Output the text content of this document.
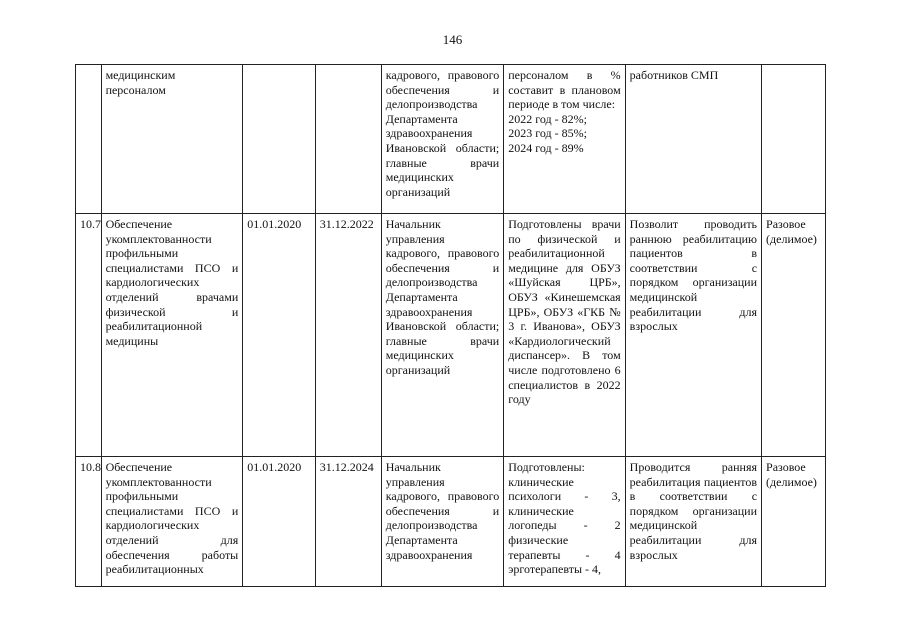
146
	медицинским персоналом			кадрового, правового обеспечения и делопроизводства Департамента здравоохранения Ивановской области; главные врачи медицинских организаций	персоналом в % составит в плановом периоде в том числе:
2022 год - 82%;
2023 год - 85%;
2024 год - 89%	работников СМП	
10.7	Обеспечение укомплектованности профильными специалистами ПСО и кардиологических отделений врачами физической и реабилитационной медицины	01.01.2020	31.12.2022	Начальник управления кадрового, правового обеспечения и делопроизводства Департамента здравоохранения Ивановской области; главные врачи медицинских организаций	Подготовлены врачи по физической и реабилитационной медицине для ОБУЗ «Шуйская ЦРБ», ОБУЗ «Кинешемская ЦРБ», ОБУЗ «ГКБ № 3 г. Иванова», ОБУЗ «Кардиологический диспансер». В том числе подготовлено 6 специалистов в 2022 году	Позволит проводить раннюю реабилитацию пациентов в соответствии с порядком организации медицинской реабилитации для взрослых	Разовое (делимое)
10.8	Обеспечение укомплектованности профильными специалистами ПСО и кардиологических отделений для обеспечения работы реабилитационных	01.01.2020	31.12.2024	Начальник управления кадрового, правового обеспечения и делопроизводства Департамента здравоохранения	Подготовлены: клинические психологи - 3, клинические логопеды - 2 физические терапевты - 4 эрготерапевты - 4,	Проводится ранняя реабилитация пациентов в соответствии с порядком организации медицинской реабилитации для взрослых	Разовое (делимое)
